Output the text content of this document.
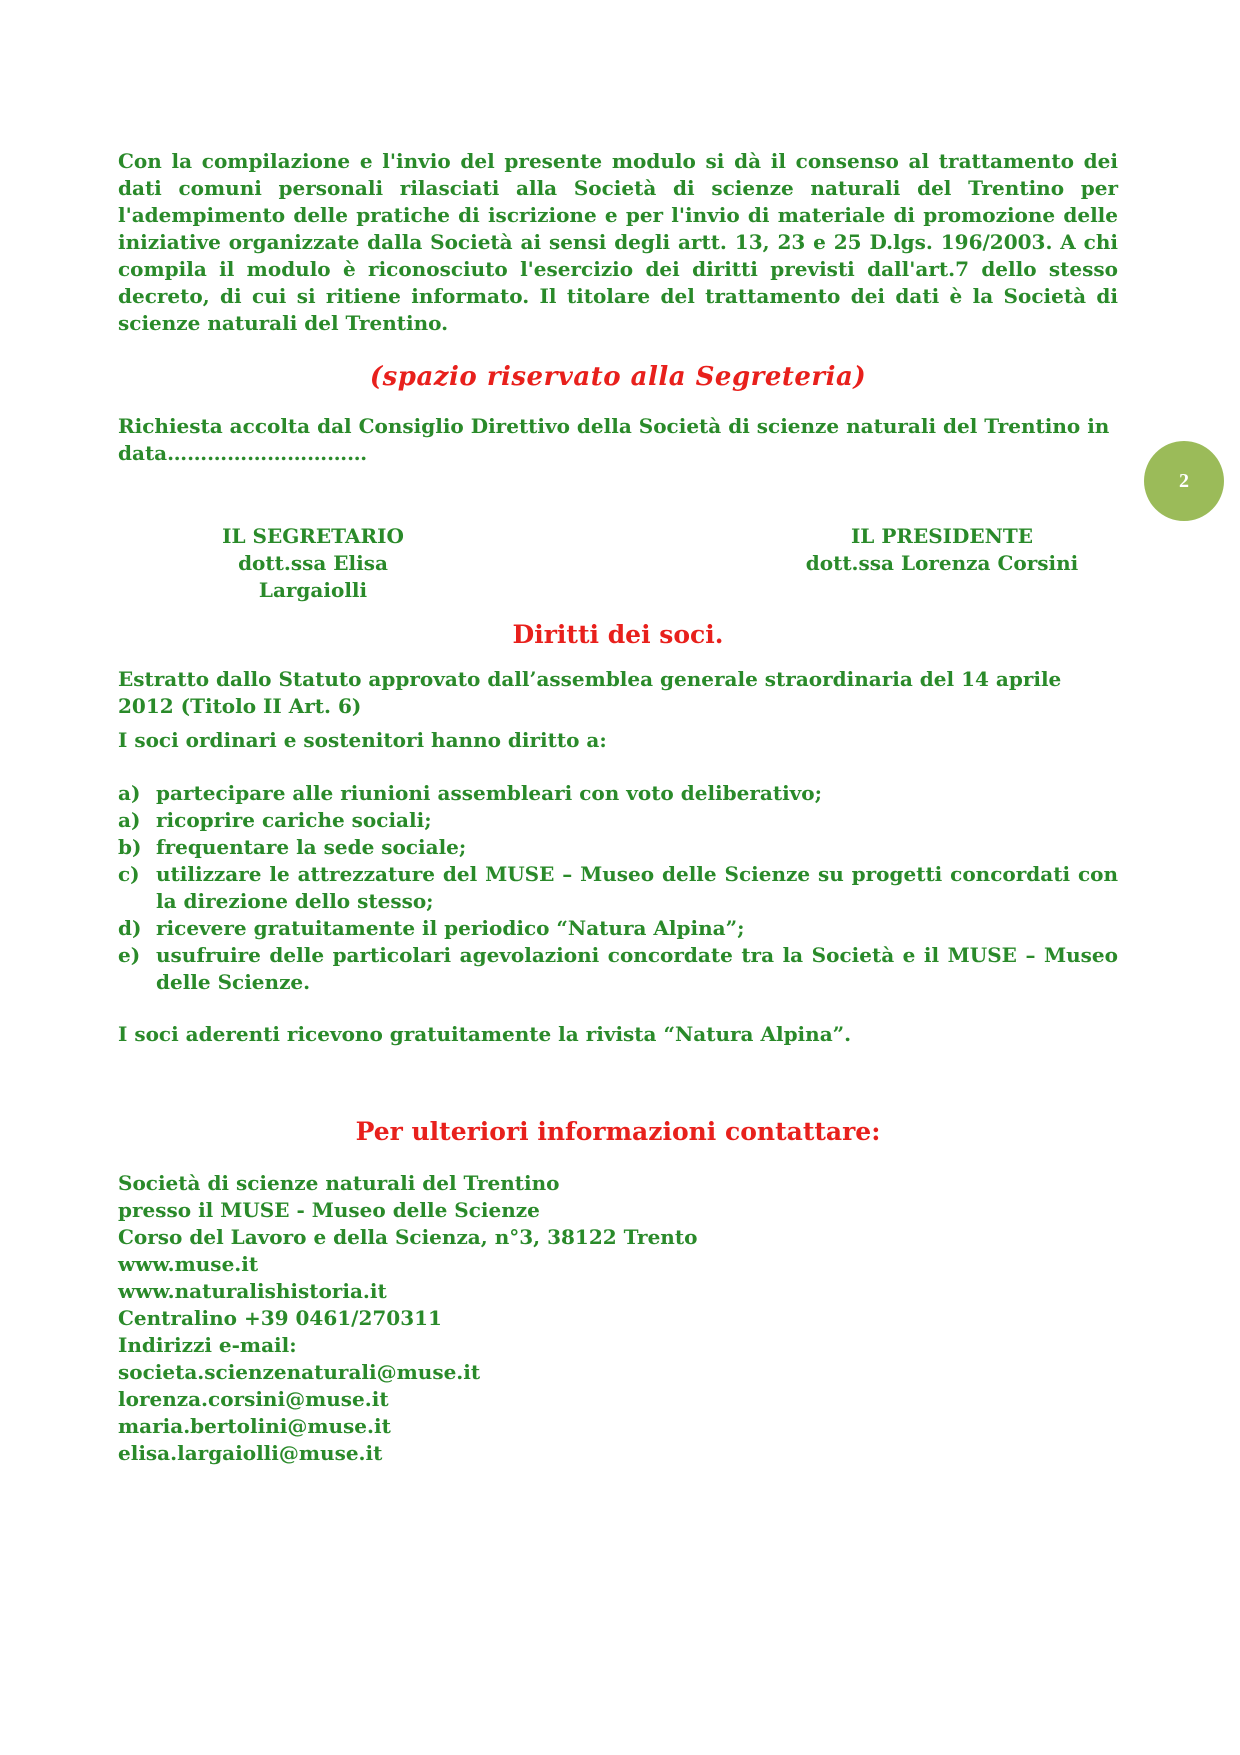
2

Con la compilazione e l'invio del presente modulo si dà il consenso al trattamento dei dati comuni personali rilasciati alla Società di scienze naturali del Trentino per l'adempimento delle pratiche di iscrizione e per l'invio di materiale di promozione delle iniziative organizzate dalla Società ai sensi degli artt. 13, 23 e 25 D.lgs. 196/2003. A chi compila il modulo è riconosciuto l'esercizio dei diritti previsti dall'art.7 dello stesso decreto, di cui si ritiene informato. Il titolare del trattamento dei dati è la Società di scienze naturali del Trentino.

(spazio riservato alla Segreteria)

Richiesta accolta dal Consiglio Direttivo della Società di scienze naturali del Trentino in data…………………………

IL SEGRETARIO
dott.ssa Elisa Largaiolli
IL PRESIDENTE
dott.ssa Lorenza Corsini

Diritti dei soci.

Estratto dallo Statuto approvato dall’assemblea generale straordinaria del 14 aprile 2012 (Titolo II Art. 6)

I soci ordinari e sostenitori hanno diritto a:

a) partecipare alle riunioni assembleari con voto deliberativo;
a) ricoprire cariche sociali;
b) frequentare la sede sociale;
c) utilizzare le attrezzature del MUSE – Museo delle Scienze su progetti concordati con la direzione dello stesso;
d) ricevere gratuitamente il periodico “Natura Alpina”;
e) usufruire delle particolari agevolazioni concordate tra la Società e il MUSE – Museo delle Scienze.

I soci aderenti ricevono gratuitamente la rivista “Natura Alpina”.

Per ulteriori informazioni contattare:

Società di scienze naturali del Trentino

presso il MUSE - Museo delle Scienze

Corso del Lavoro e della Scienza, n°3, 38122 Trento

www.muse.it

www.naturalishistoria.it

Centralino +39 0461/270311

Indirizzi e-mail:

societa.scienzenaturali@muse.it

lorenza.corsini@muse.it

maria.bertolini@muse.it

elisa.largaiolli@muse.it
